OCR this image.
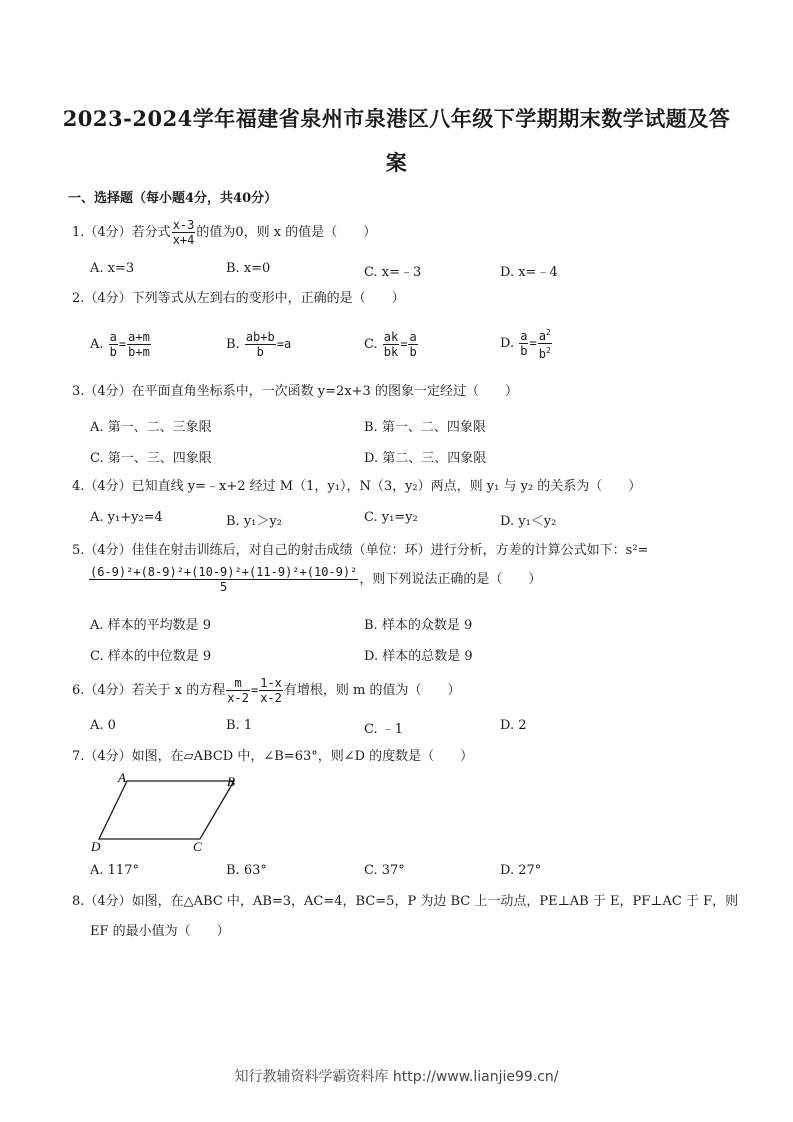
2023-2024学年福建省泉州市泉港区八年级下学期期末数学试题及答
案
一、选择题（每小题4分，共40分）
1.（4分）若分式 $\frac{x-3}{x+4}$ 的值为0，则 x 的值是（　　）
A. x=3	B. x=0	C. x=﹣3	D. x=﹣4
2.（4分）下列等式从左到右的变形中，正确的是（　　）
A. $\frac{a}{b} = \frac{a+m}{b+m}$	B. $\frac{ab+b}{b} =a$	C. $\frac{ak}{bk} = \frac{a}{b}$	D. $\frac{a}{b} = \frac{a^2}{b^2}$
3.（4分）在平面直角坐标系中，一次函数 y=2x+3 的图象一定经过（　　）
A. 第一、二、三象限	B. 第一、二、四象限
C. 第一、三、四象限	D. 第二、三、四象限
4.（4分）已知直线 y=﹣x+2 经过 M（1，y₁），N（3，y₂）两点，则 y₁ 与 y₂ 的关系为（　　）
A. y₁+y₂=4	B. y₁＞y₂	C. y₁=y₂	D. y₁＜y₂
5.（4分）佳佳在射击训练后，对自己的射击成绩（单位：环）进行分析，方差的计算公式如下：s²=
$\frac{\text{(6-9)²+(8-9)²+(10-9)²+(11-9)²+(10-9)²}}{5}$ ，则下列说法正确的是（　　）
A. 样本的平均数是 9	B. 样本的众数是 9
C. 样本的中位数是 9	D. 样本的总数是 9
6.（4分）若关于 x 的方程 $\frac{m}{x-2} = \frac{1-x}{x-2}$ 有增根，则 m 的值为（　　）
A. 0	B. 1	C. ﹣1	D. 2
7.（4分）如图，在▱ABCD 中，∠B=63°，则∠D 的度数是（　　）
A	B
C
D
A. 117°	B. 63°	C. 37°	D. 27°
8.（4分）如图，在△ABC 中，AB=3，AC=4，BC=5，P 为边 BC 上一动点，PE⊥AB 于 E，PF⊥AC 于 F，则
EF 的最小值为（　　）
知行教辅资料学霸资料库 http://www.lianjie99.cn/
